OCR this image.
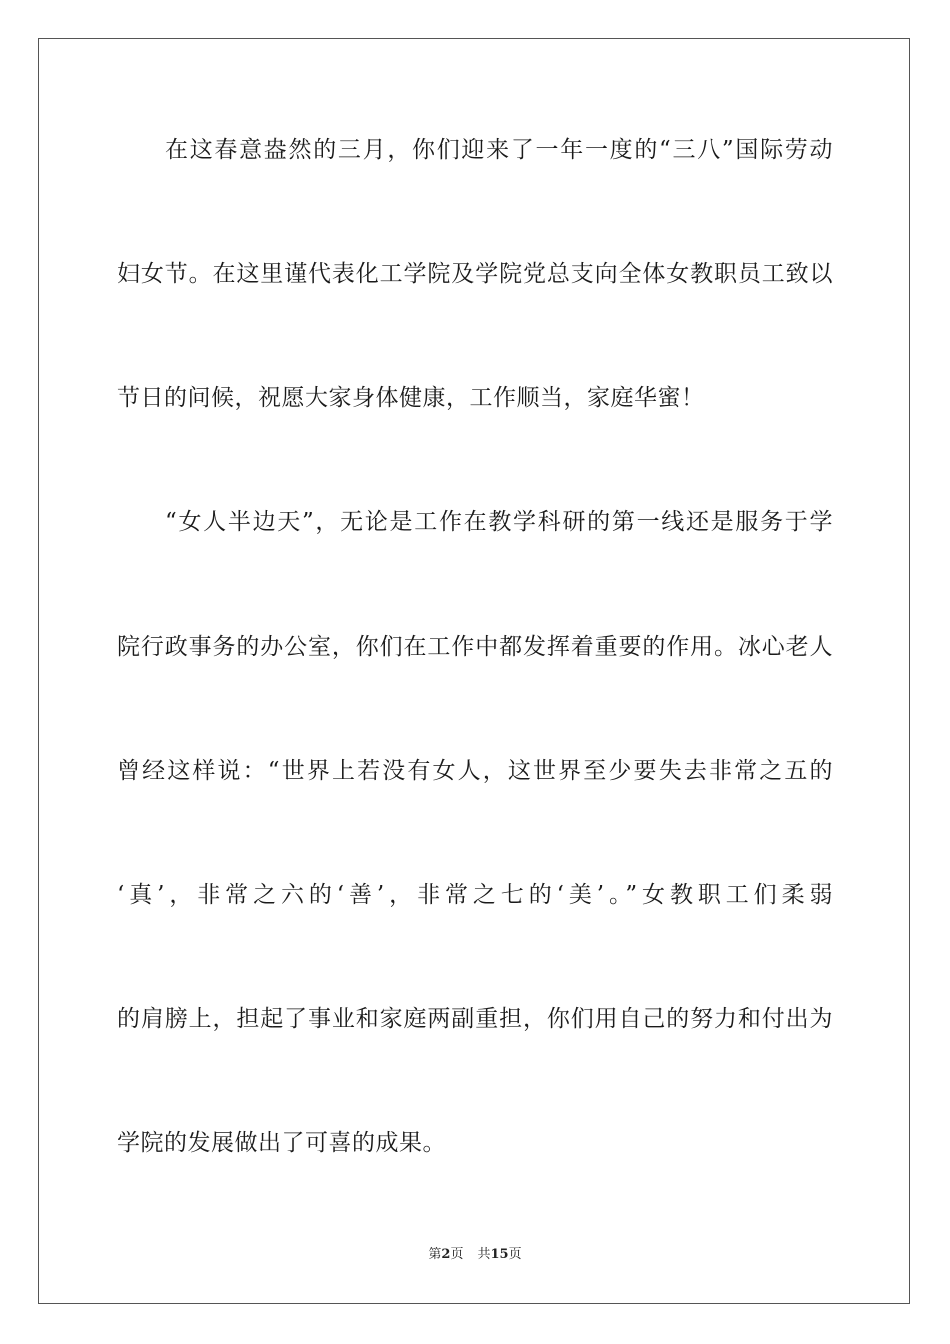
在这春意盎然的三月，你们迎来了一年一度的“三八”国际劳动
妇女节。在这里谨代表化工学院及学院党总支向全体女教职员工致以
节日的问候，祝愿大家身体健康，工作顺当，家庭华蜜！
“女人半边天”，无论是工作在教学科研的第一线还是服务于学
院行政事务的办公室，你们在工作中都发挥着重要的作用。冰心老人
曾经这样说：“世界上若没有女人，这世界至少要失去非常之五的
‘真’，非常之六的‘善’，非常之七的‘美’。”女教职工们柔弱
的肩膀上，担起了事业和家庭两副重担，你们用自己的努力和付出为
学院的发展做出了可喜的成果。
第2页 共15页
